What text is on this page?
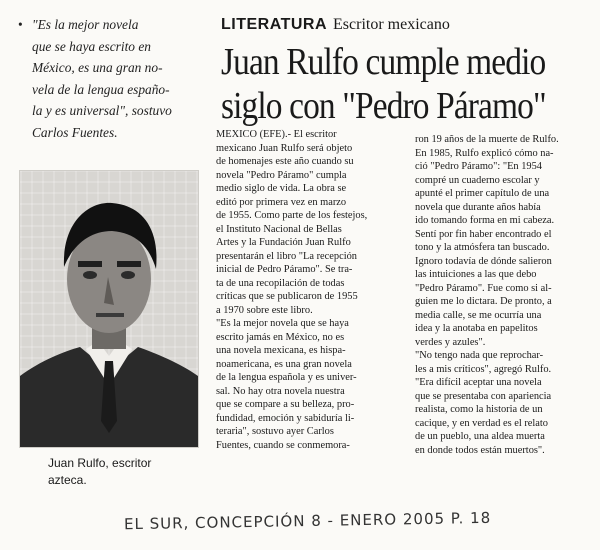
• "Es la mejor novela
que se haya escrito en
México, es una gran no-
vela de la lengua españo-
la y es universal", sostuvo
Carlos Fuentes.

Juan Rulfo, escritor
azteca.
LITERATURA Escritor mexicano
Juan Rulfo cumple medio
siglo con "Pedro Páramo"
MEXICO (EFE).- El escritor
mexicano Juan Rulfo será objeto
de homenajes este año cuando su
novela "Pedro Páramo" cumpla
medio siglo de vida. La obra se
editó por primera vez en marzo
de 1955. Como parte de los festejos,
el Instituto Nacional de Bellas
Artes y la Fundación Juan Rulfo
presentarán el libro "La recepción
inicial de Pedro Páramo". Se tra-
ta de una recopilación de todas
críticas que se publicaron de 1955
a 1970 sobre este libro.
"Es la mejor novela que se haya
escrito jamás en México, no es
una novela mexicana, es hispa-
noamericana, es una gran novela
de la lengua española y es univer-
sal. No hay otra novela nuestra
que se compare a su belleza, pro-
fundidad, emoción y sabiduría li-
teraria", sostuvo ayer Carlos
Fuentes, cuando se conmemora-
ron 19 años de la muerte de Rulfo.
En 1985, Rulfo explicó cómo na-
ció "Pedro Páramo": "En 1954
compré un cuaderno escolar y
apunté el primer capítulo de una
novela que durante años había
ido tomando forma en mi cabeza.
Sentí por fin haber encontrado el
tono y la atmósfera tan buscado.
Ignoro todavía de dónde salieron
las intuiciones a las que debo
"Pedro Páramo". Fue como si al-
guien me lo dictara. De pronto, a
media calle, se me ocurría una
idea y la anotaba en papelitos
verdes y azules".
"No tengo nada que reprochar-
les a mis críticos", agregó Rulfo.
"Era difícil aceptar una novela
que se presentaba con apariencia
realista, como la historia de un
cacique, y en verdad es el relato
de un pueblo, una aldea muerta
en donde todos están muertos".
EL SUR, CONCEPCIÓN 8 - ENERO 2005 P. 18
